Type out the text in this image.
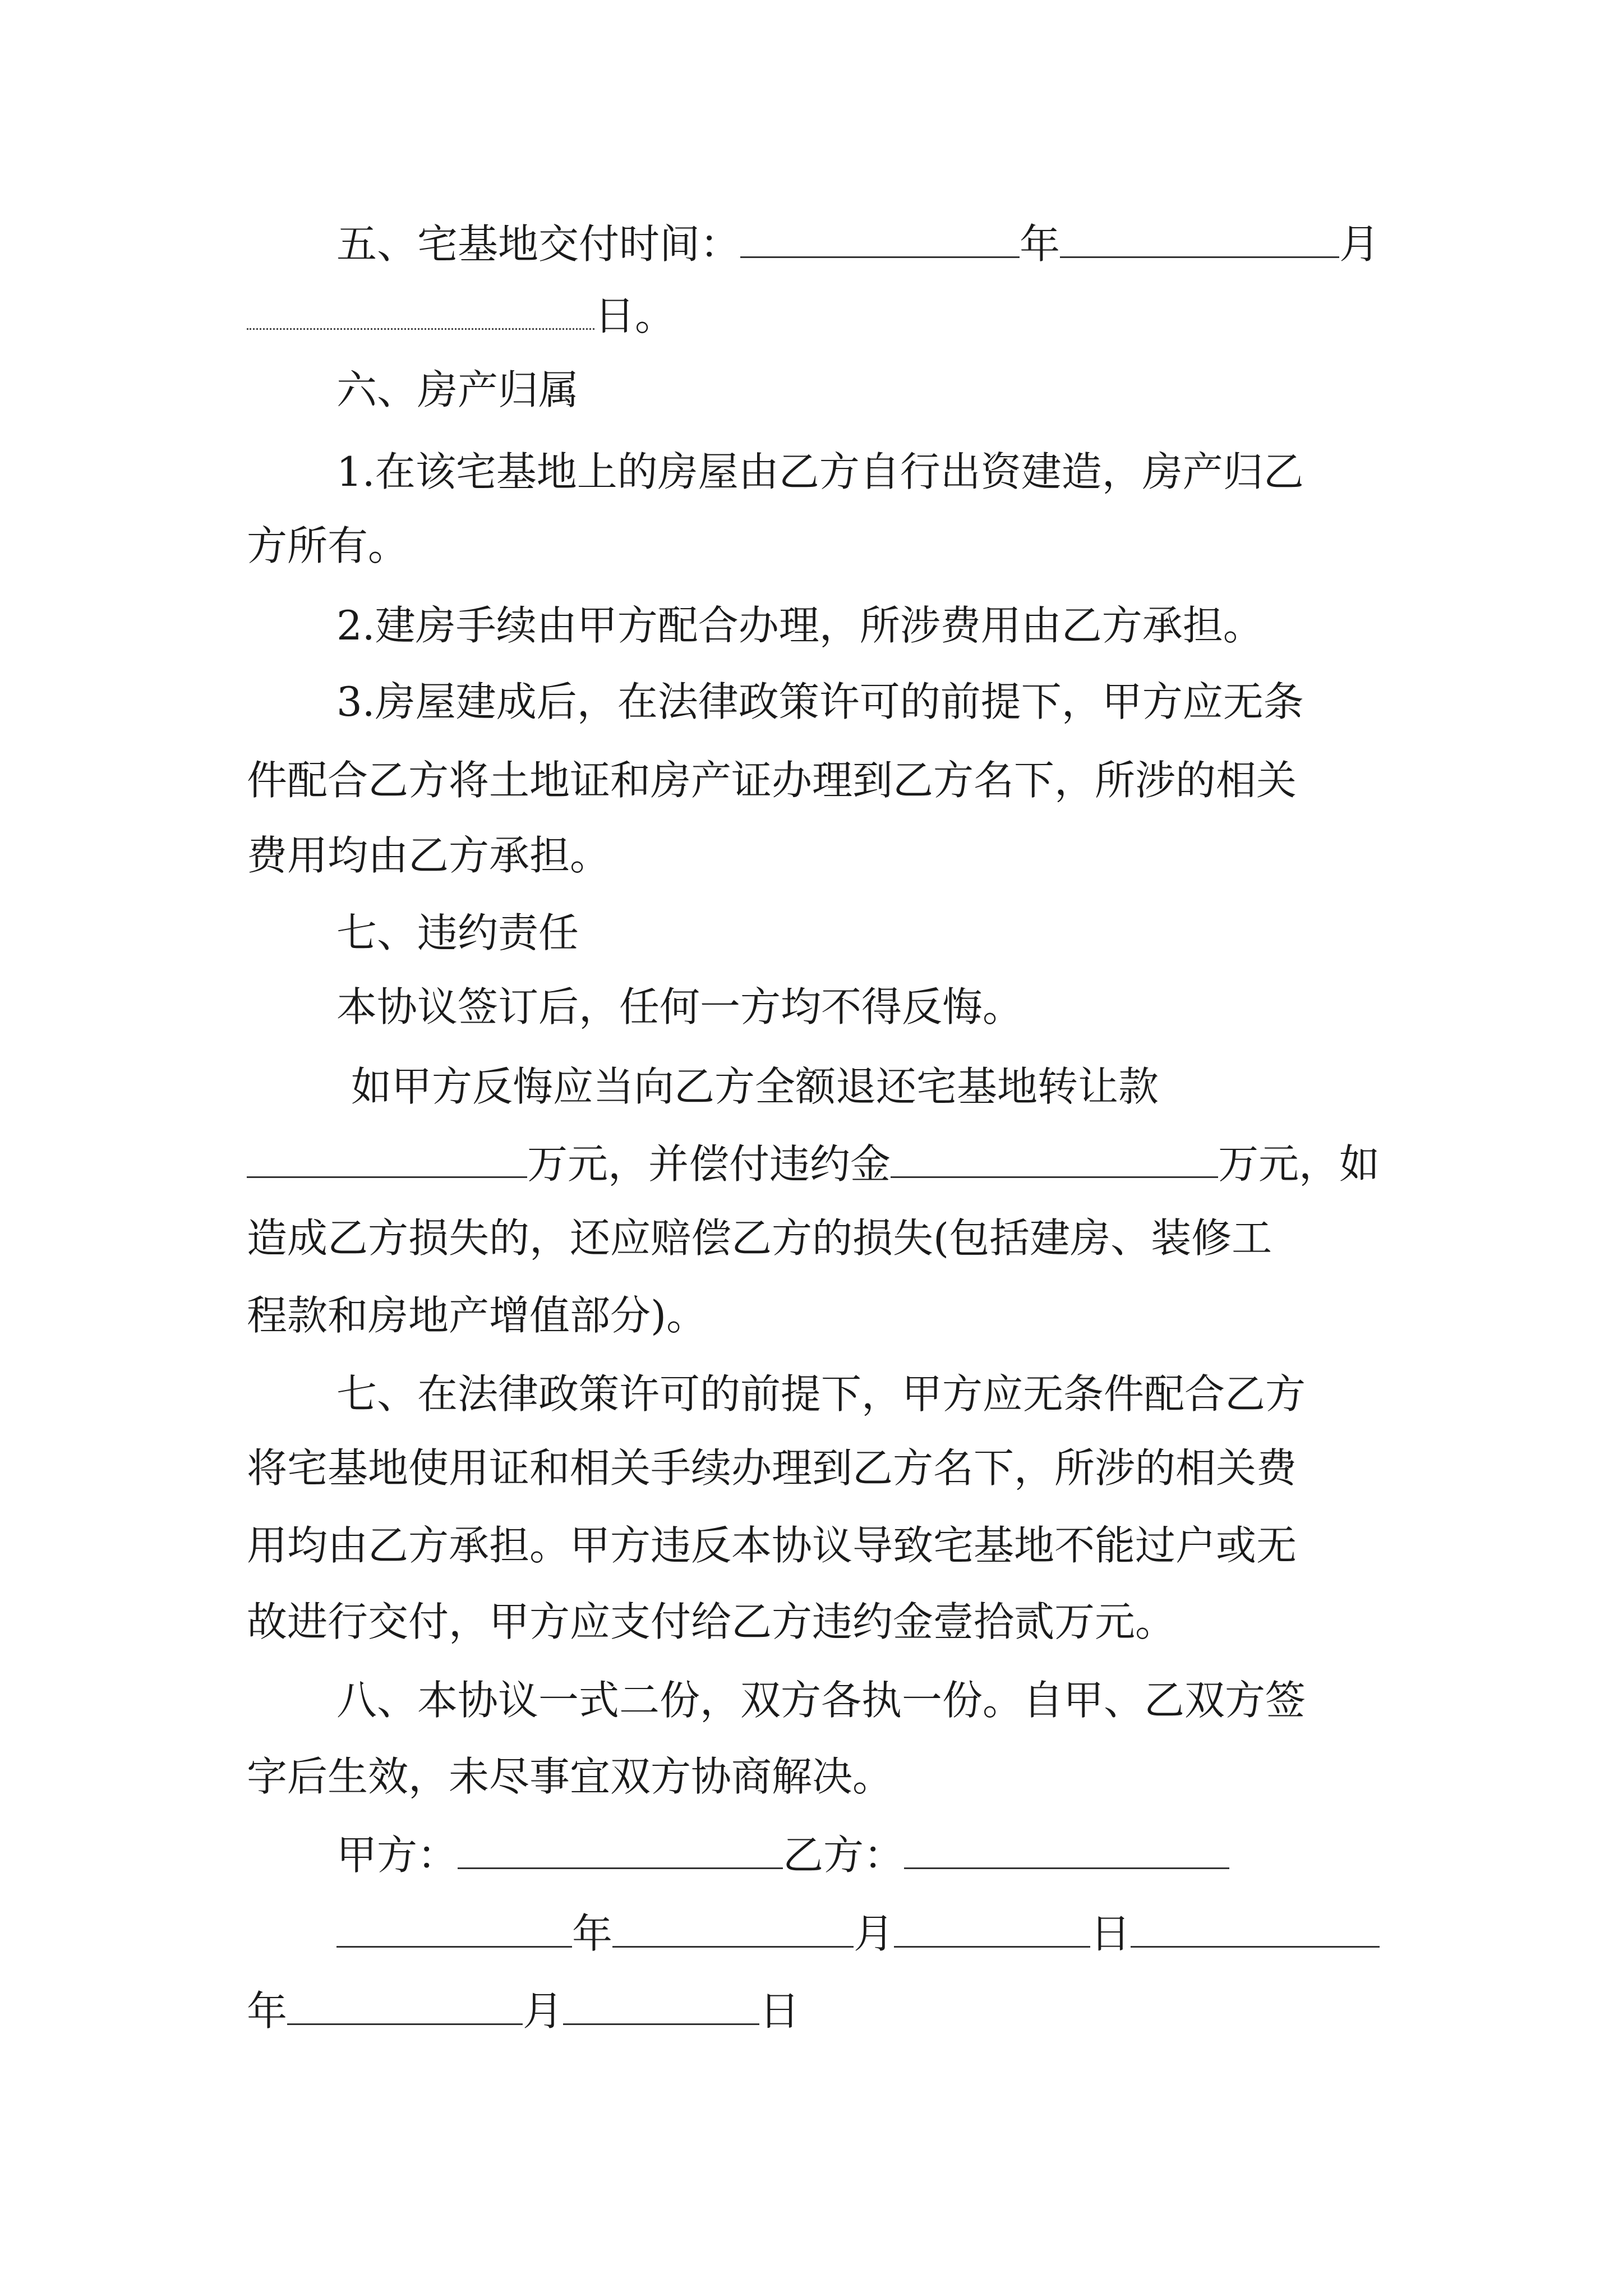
五、宅基地交付时间：	年	月
日。
六、房产归属
1.在该宅基地上的房屋由乙方自行出资建造，房产归乙
方所有。
2.建房手续由甲方配合办理，所涉费用由乙方承担。
3.房屋建成后，在法律政策许可的前提下，甲方应无条
件配合乙方将土地证和房产证办理到乙方名下，所涉的相关
费用均由乙方承担。
七、违约责任
本协议签订后，任何一方均不得反悔。
如甲方反悔应当向乙方全额退还宅基地转让款
万元，并偿付违约金	万元，如
造成乙方损失的，还应赔偿乙方的损失(包括建房、装修工
程款和房地产增值部分)。
七、在法律政策许可的前提下，甲方应无条件配合乙方
将宅基地使用证和相关手续办理到乙方名下，所涉的相关费
用均由乙方承担。甲方违反本协议导致宅基地不能过户或无
故进行交付，甲方应支付给乙方违约金壹拾贰万元。
八、本协议一式二份，双方各执一份。自甲、乙双方签
字后生效，未尽事宜双方协商解决。
甲方：	乙方：
年	月	日
年	月	日
